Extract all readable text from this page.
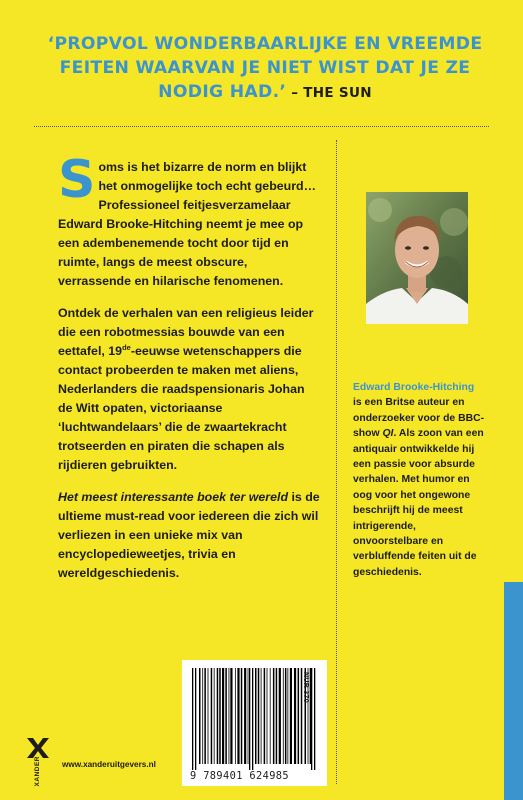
‘PROPVOL WONDERBAARLIJKE EN VREEMDE FEITEN WAARVAN JE NIET WIST DAT JE ZE NODIG HAD.’ – THE SUN

Soms is het bizarre de norm en blijkt het onmogelijke toch echt gebeurd… Professioneel feitjesverzamelaar Edward Brooke-Hitching neemt je mee op een adembenemende tocht door tijd en ruimte, langs de meest obscure, verrassende en hilarische fenomenen.

Ontdek de verhalen van een religieus leider die een robotmessias bouwde van een eettafel, 19de-eeuwse wetenschappers die contact probeerden te maken met aliens, Nederlanders die raadspensionaris Johan de Witt opaten, victoriaanse ‘luchtwandelaars’ die de zwaartekracht trotseerden en piraten die schapen als rijdieren gebruikten.

Het meest interessante boek ter wereld is de ultieme must-read voor iedereen die zich wil verliezen in een unieke mix van encyclopedieweetjes, trivia en wereldgeschiedenis.

Edward Brooke-Hitching is een Britse auteur en onderzoeker voor de BBC-show QI. Als zoon van een antiquair ontwikkelde hij een passie voor absurde verhalen. Met humor en oog voor het ongewone beschrijft hij de meest intrigerende, onvoorstelbare en verbluffende feiten uit de geschiedenis.
NUR 370
9 789401 624985
XANDER	www.xanderuitgevers.nl
